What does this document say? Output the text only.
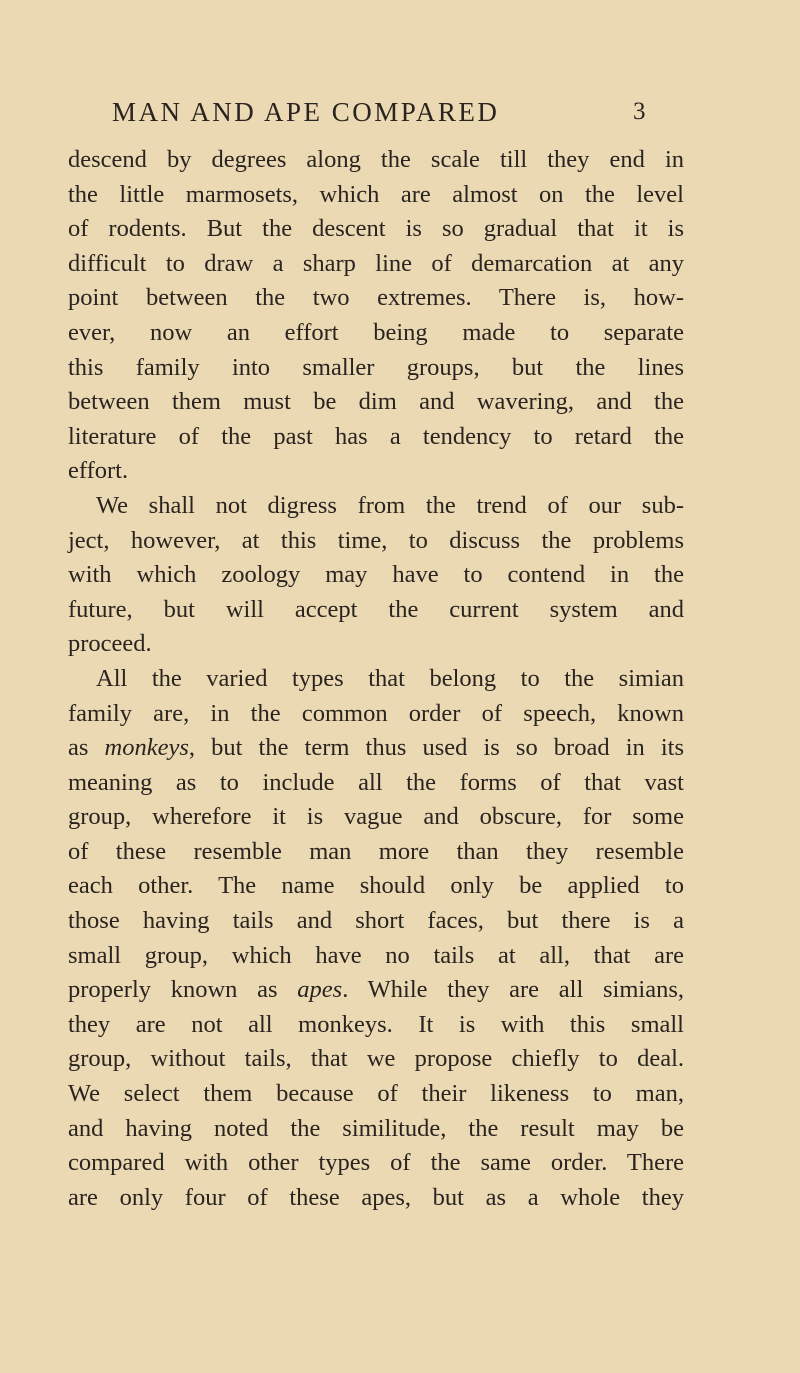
MAN AND APE COMPARED	3
descend by degrees along the scale till they end in
the little marmosets, which are almost on the level
of rodents. But the descent is so gradual that it is
difficult to draw a sharp line of demarcation at any
point between the two extremes. There is, how-
ever, now an effort being made to separate
this family into smaller groups, but the lines
between them must be dim and wavering, and the
literature of the past has a tendency to retard the
effort.
We shall not digress from the trend of our sub-
ject, however, at this time, to discuss the problems
with which zoology may have to contend in the
future, but will accept the current system and
proceed.
All the varied types that belong to the simian
family are, in the common order of speech, known
as monkeys, but the term thus used is so broad in its
meaning as to include all the forms of that vast
group, wherefore it is vague and obscure, for some
of these resemble man more than they resemble
each other. The name should only be applied to
those having tails and short faces, but there is a
small group, which have no tails at all, that are
properly known as apes. While they are all simians,
they are not all monkeys. It is with this small
group, without tails, that we propose chiefly to deal.
We select them because of their likeness to man,
and having noted the similitude, the result may be
compared with other types of the same order. There
are only four of these apes, but as a whole they
